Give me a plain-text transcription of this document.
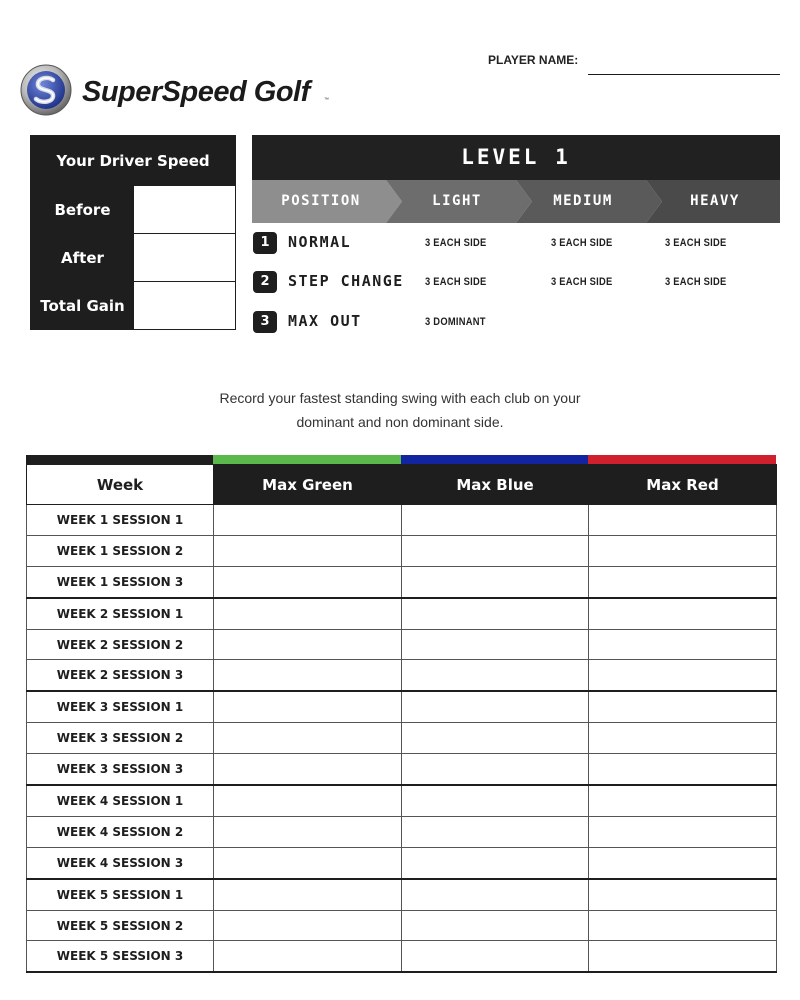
SuperSpeed Golf	™
PLAYER NAME:
Your Driver Speed
Before
After
Total Gain
LEVEL 1
POSITION	LIGHT	MEDIUM	HEAVY
1	NORMAL	3 EACH SIDE	3 EACH SIDE	3 EACH SIDE
2	STEP CHANGE 3 EACH SIDE	3 EACH SIDE	3 EACH SIDE
3	MAX OUT	3 DOMINANT
Record your fastest standing swing with each club on your
dominant and non dominant side.
Week	Max Green	Max Blue	Max Red
WEEK 1 SESSION 1			
WEEK 1 SESSION 2			
WEEK 1 SESSION 3			
WEEK 2 SESSION 1			
WEEK 2 SESSION 2			
WEEK 2 SESSION 3			
WEEK 3 SESSION 1			
WEEK 3 SESSION 2			
WEEK 3 SESSION 3			
WEEK 4 SESSION 1			
WEEK 4 SESSION 2			
WEEK 4 SESSION 3			
WEEK 5 SESSION 1			
WEEK 5 SESSION 2			
WEEK 5 SESSION 3			
